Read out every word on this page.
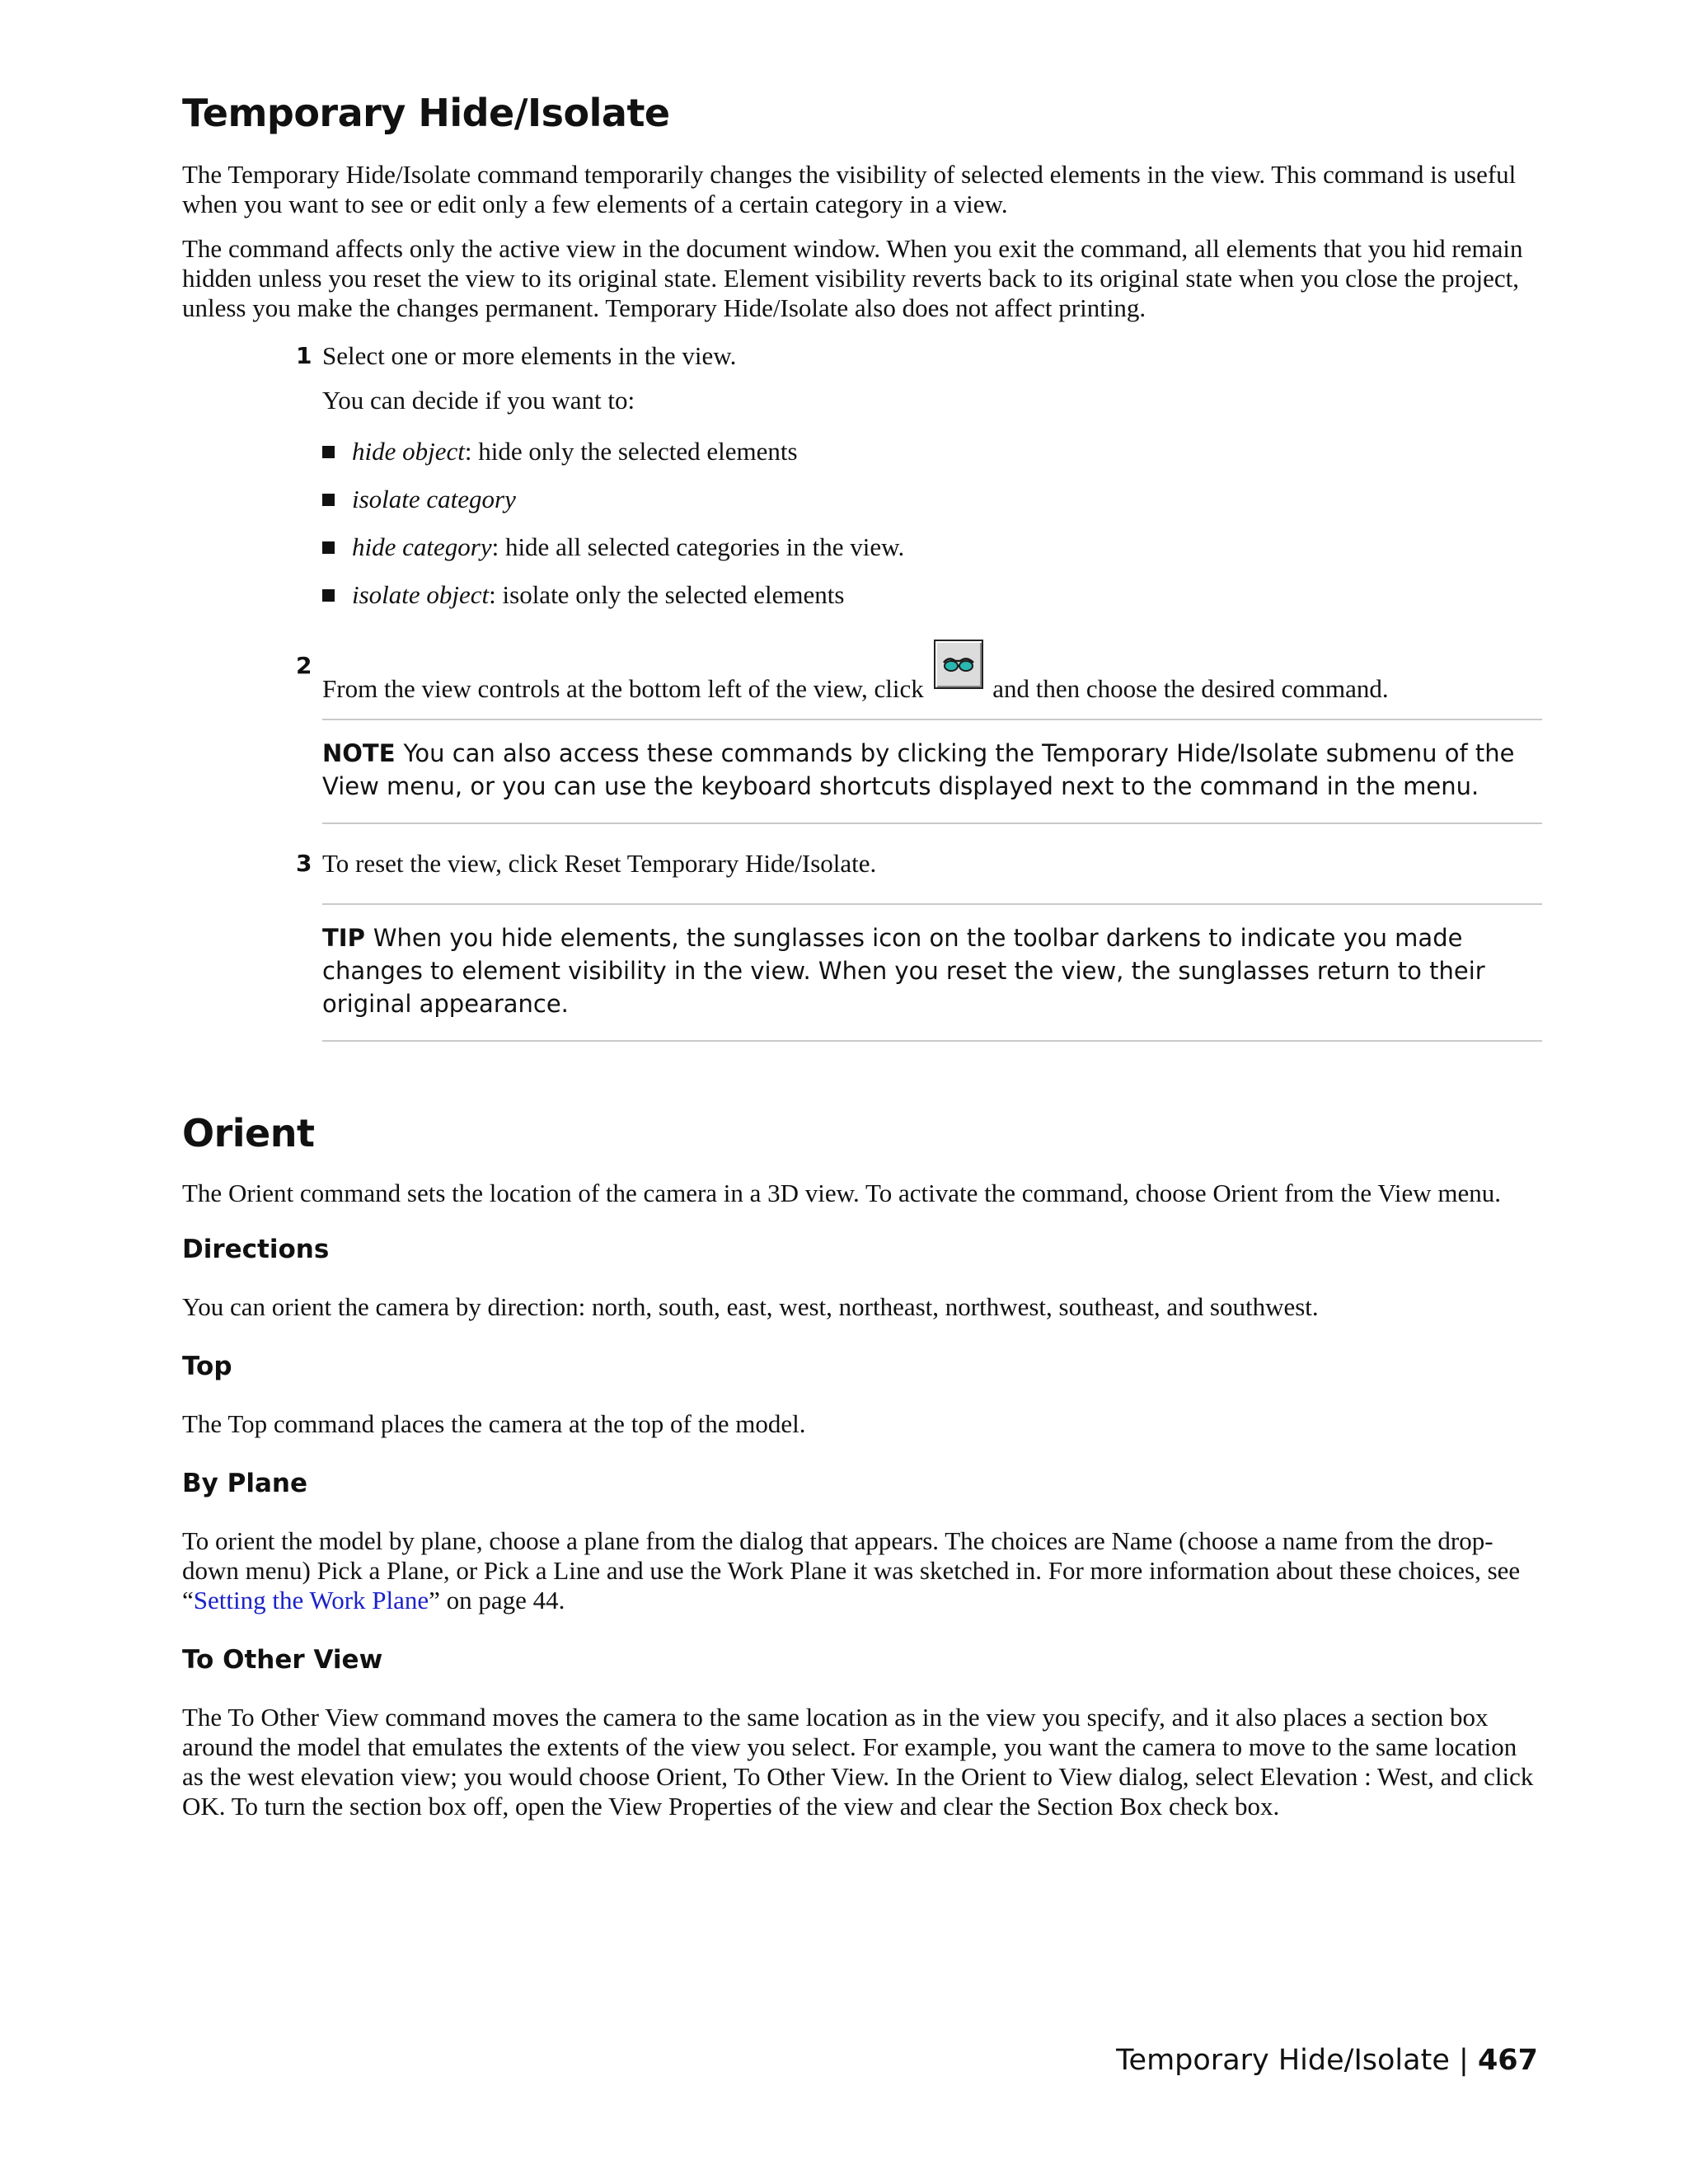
Temporary Hide/Isolate

The Temporary Hide/Isolate command temporarily changes the visibility of selected elements in the view. This command is useful when you want to see or edit only a few elements of a certain category in a view.

The command affects only the active view in the document window. When you exit the command, all elements that you hid remain hidden unless you reset the view to its original state. Element visibility reverts back to its original state when you close the project, unless you make the changes permanent. Temporary Hide/Isolate also does not affect printing.

1 Select one or more elements in the view.
You can decide if you want to:
hide object: hide only the selected elements
isolate category
hide category: hide all selected categories in the view.
isolate object: isolate only the selected elements
2
From the view controls at the bottom left of the view, click	and then choose the desired command.
NOTE You can also access these commands by clicking the Temporary Hide/Isolate submenu of the View menu, or you can use the keyboard shortcuts displayed next to the command in the menu.
3 To reset the view, click Reset Temporary Hide/Isolate.
TIP When you hide elements, the sunglasses icon on the toolbar darkens to indicate you made changes to element visibility in the view. When you reset the view, the sunglasses return to their original appearance.
Orient

The Orient command sets the location of the camera in a 3D view. To activate the command, choose Orient from the View menu.

Directions

You can orient the camera by direction: north, south, east, west, northeast, northwest, southeast, and southwest.

Top

The Top command places the camera at the top of the model.

By Plane

To orient the model by plane, choose a plane from the dialog that appears. The choices are Name (choose a name from the drop-down menu) Pick a Plane, or Pick a Line and use the Work Plane it was sketched in. For more information about these choices, see “Setting the Work Plane” on page 44.

To Other View

The To Other View command moves the camera to the same location as in the view you specify, and it also places a section box around the model that emulates the extents of the view you select. For example, you want the camera to move to the same location as the west elevation view; you would choose Orient, To Other View. In the Orient to View dialog, select Elevation : West, and click OK. To turn the section box off, open the View Properties of the view and clear the Section Box check box.

Temporary Hide/Isolate | 467
